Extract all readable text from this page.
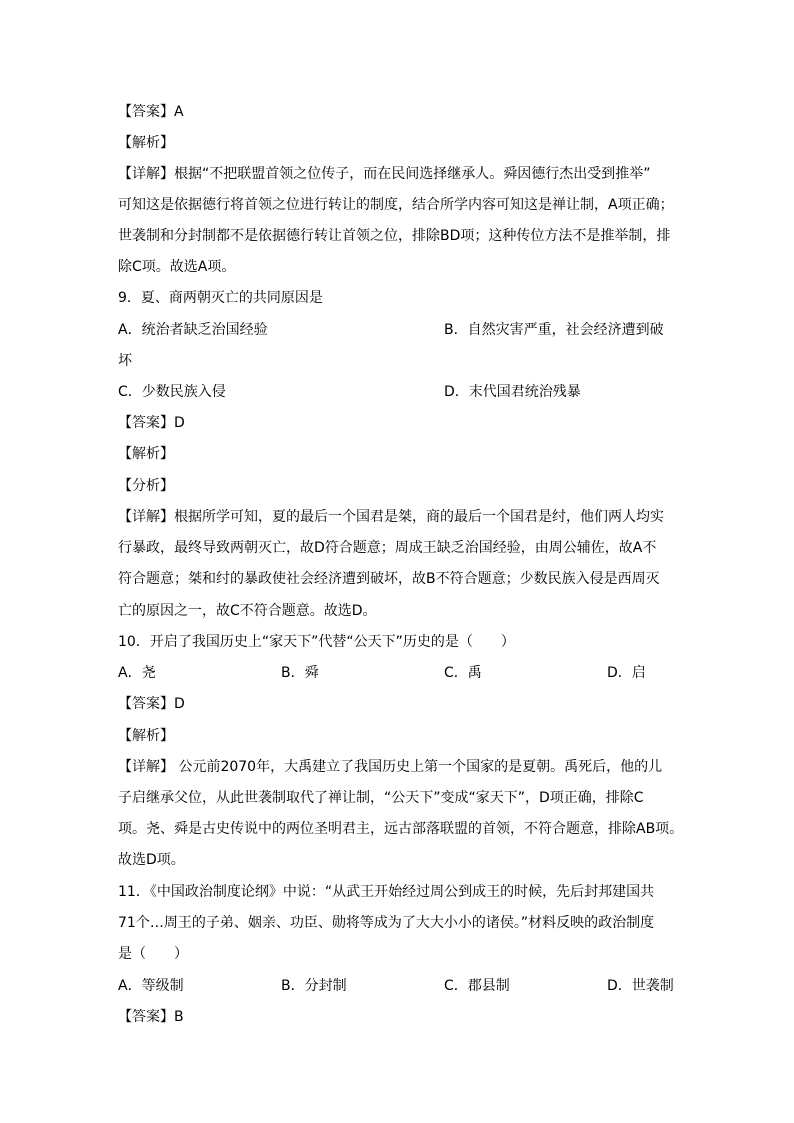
【答案】A
【解析】
【详解】根据“不把联盟首领之位传子，而在民间选择继承人。舜因德行杰出受到推举”
可知这是依据德行将首领之位进行转让的制度，结合所学内容可知这是禅让制，A项正确；
世袭制和分封制都不是依据德行转让首领之位，排除BD项；这种传位方法不是推举制，排
除C项。故选A项。
9．夏、商两朝灭亡的共同原因是
A．统治者缺乏治国经验	B．自然灾害严重，社会经济遭到破
坏
C．少数民族入侵	D．末代国君统治残暴
【答案】D
【解析】
【分析】
【详解】根据所学可知，夏的最后一个国君是桀，商的最后一个国君是纣，他们两人均实
行暴政，最终导致两朝灭亡，故D符合题意；周成王缺乏治国经验，由周公辅佐，故A不
符合题意；桀和纣的暴政使社会经济遭到破坏，故B不符合题意；少数民族入侵是西周灭
亡的原因之一，故C不符合题意。故选D。
10．开启了我国历史上“家天下”代替“公天下”历史的是（　　）
A．尧	B．舜	C．禹	D．启
【答案】D
【解析】
【详解】 公元前2070年，大禹建立了我国历史上第一个国家的是夏朝。禹死后，他的儿
子启继承父位，从此世袭制取代了禅让制，“公天下”变成“家天下”，D项正确，排除C
项。尧、舜是古史传说中的两位圣明君主，远古部落联盟的首领，不符合题意，排除AB项。
故选D项。
11．《中国政治制度论纲》中说：“从武王开始经过周公到成王的时候，先后封邦建国共
71个…周王的子弟、姻亲、功臣、勋将等成为了大大小小的诸侯。”材料反映的政治制度
是（　　）
A．等级制	B．分封制	C．郡县制	D．世袭制
【答案】B
